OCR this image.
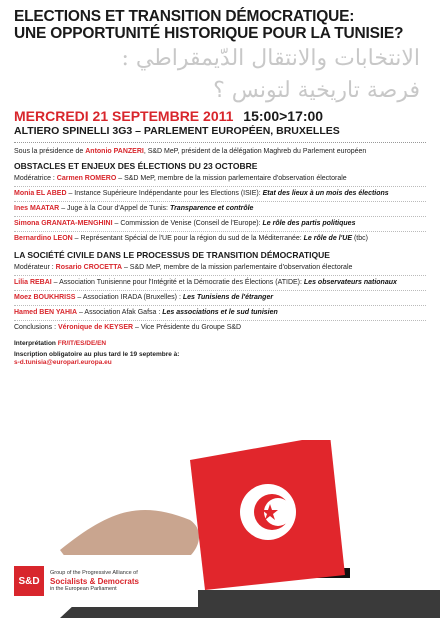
ELECTIONS ET TRANSITION DÉMOCRATIQUE:
UNE OPPORTUNITÉ HISTORIQUE POUR LA TUNISIE?
الانتخابات والانتقال الدّيمقراطي :
فرصة تاريخية لتونس ؟
MERCREDI 21 SEPTEMBRE 2011 15:00>17:00
ALTIERO SPINELLI 3G3 – PARLEMENT EUROPÉEN, BRUXELLES
Sous la présidence de Antonio PANZERI, S&D MeP, président de la délégation Maghreb du Parlement européen
OBSTACLES ET ENJEUX DES ÉLECTIONS DU 23 OCTOBRE
Modératrice : Carmen ROMERO – S&D MeP, membre de la mission parlementaire d'observation électorale
Monia EL ABED – Instance Supérieure Indépendante pour les Elections (ISIE): Etat des lieux à un mois des élections
Ines MAATAR – Juge à la Cour d'Appel de Tunis: Transparence et contrôle
Simona GRANATA-MENGHINI – Commission de Venise (Conseil de l'Europe): Le rôle des partis politiques
Bernardino LEON – Représentant Spécial de l'UE pour la région du sud de la Méditerranée: Le rôle de l'UE (tbc)
LA SOCIÉTÉ CIVILE DANS LE PROCESSUS DE TRANSITION DÉMOCRATIQUE
Modérateur : Rosario CROCETTA – S&D MeP, membre de la mission parlementaire d'observation électorale
Lilia REBAI – Association Tunisienne pour l'Intégrité et la Démocratie des Élections (ATIDE): Les observateurs nationaux
Moez BOUKHRISS – Association IRADA (Bruxelles) : Les Tunisiens de l'étranger
Hamed BEN YAHIA – Association Afak Gafsa : Les associations et le sud tunisien
Conclusions : Véronique de KEYSER – Vice Présidente du Groupe S&D
Interprétation FR/IT/ES/DE/EN
Inscription obligatoire au plus tard le 19 septembre à:
s-d.tunisia@europarl.europa.eu
S&D
Group of the Progressive Alliance of
Socialists & Democrats
in the European Parliament
